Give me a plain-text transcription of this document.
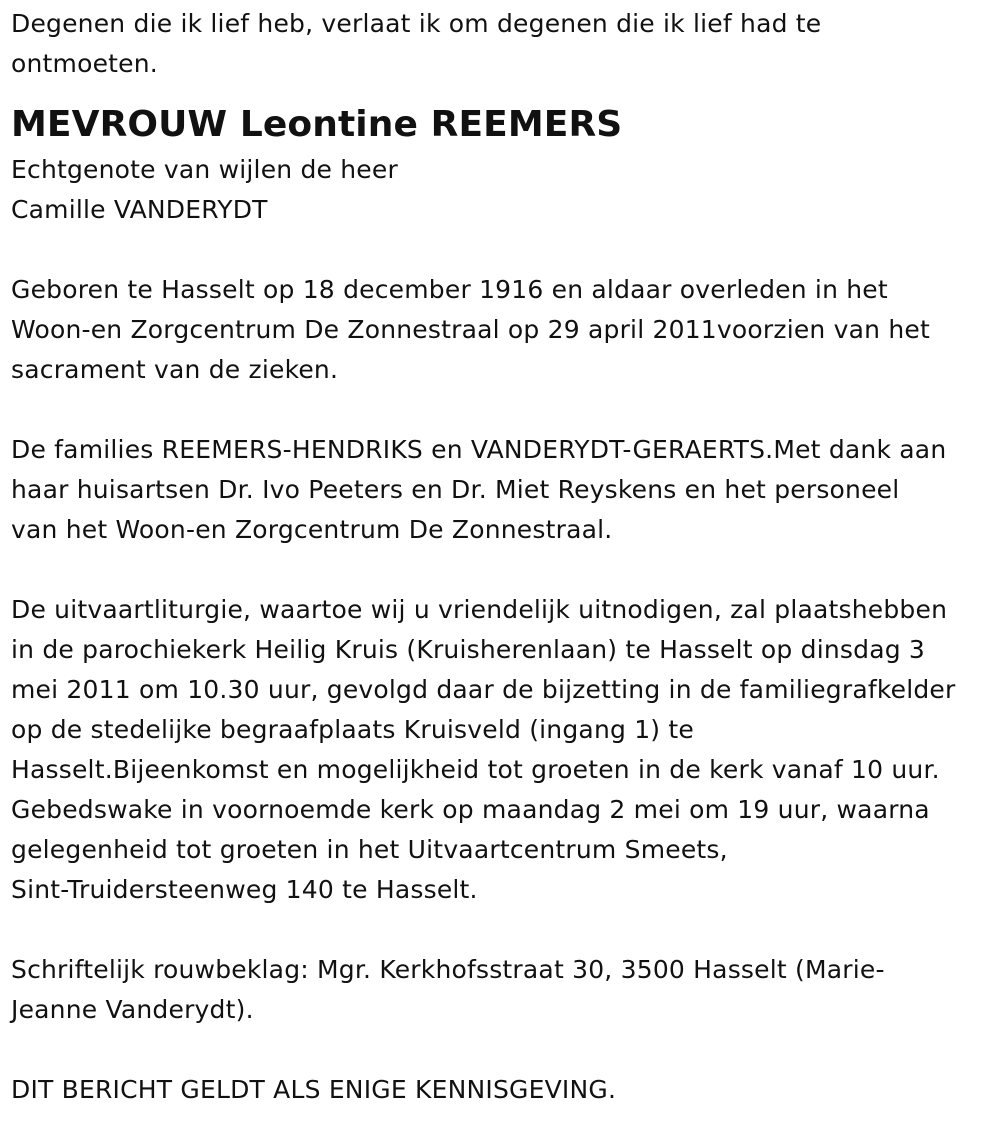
Degenen die ik lief heb, verlaat ik om degenen die ik lief had te
ontmoeten.

MEVROUW Leontine REEMERS

Echtgenote van wijlen de heer
Camille VANDERYDT

Geboren te Hasselt op 18 december 1916 en aldaar overleden in het
Woon-en Zorgcentrum De Zonnestraal op 29 april 2011voorzien van het
sacrament van de zieken.

De families REEMERS-HENDRIKS en VANDERYDT-GERAERTS.Met dank aan
haar huisartsen Dr. Ivo Peeters en Dr. Miet Reyskens en het personeel
van het Woon-en Zorgcentrum De Zonnestraal.

De uitvaartliturgie, waartoe wij u vriendelijk uitnodigen, zal plaatshebben
in de parochiekerk Heilig Kruis (Kruisherenlaan) te Hasselt op dinsdag 3
mei 2011 om 10.30 uur, gevolgd daar de bijzetting in de familiegrafkelder
op de stedelijke begraafplaats Kruisveld (ingang 1) te
Hasselt.Bijeenkomst en mogelijkheid tot groeten in de kerk vanaf 10 uur.
Gebedswake in voornoemde kerk op maandag 2 mei om 19 uur, waarna
gelegenheid tot groeten in het Uitvaartcentrum Smeets,
Sint-Truidersteenweg 140 te Hasselt.

Schriftelijk rouwbeklag: Mgr. Kerkhofsstraat 30, 3500 Hasselt (Marie-
Jeanne Vanderydt).

DIT BERICHT GELDT ALS ENIGE KENNISGEVING.
